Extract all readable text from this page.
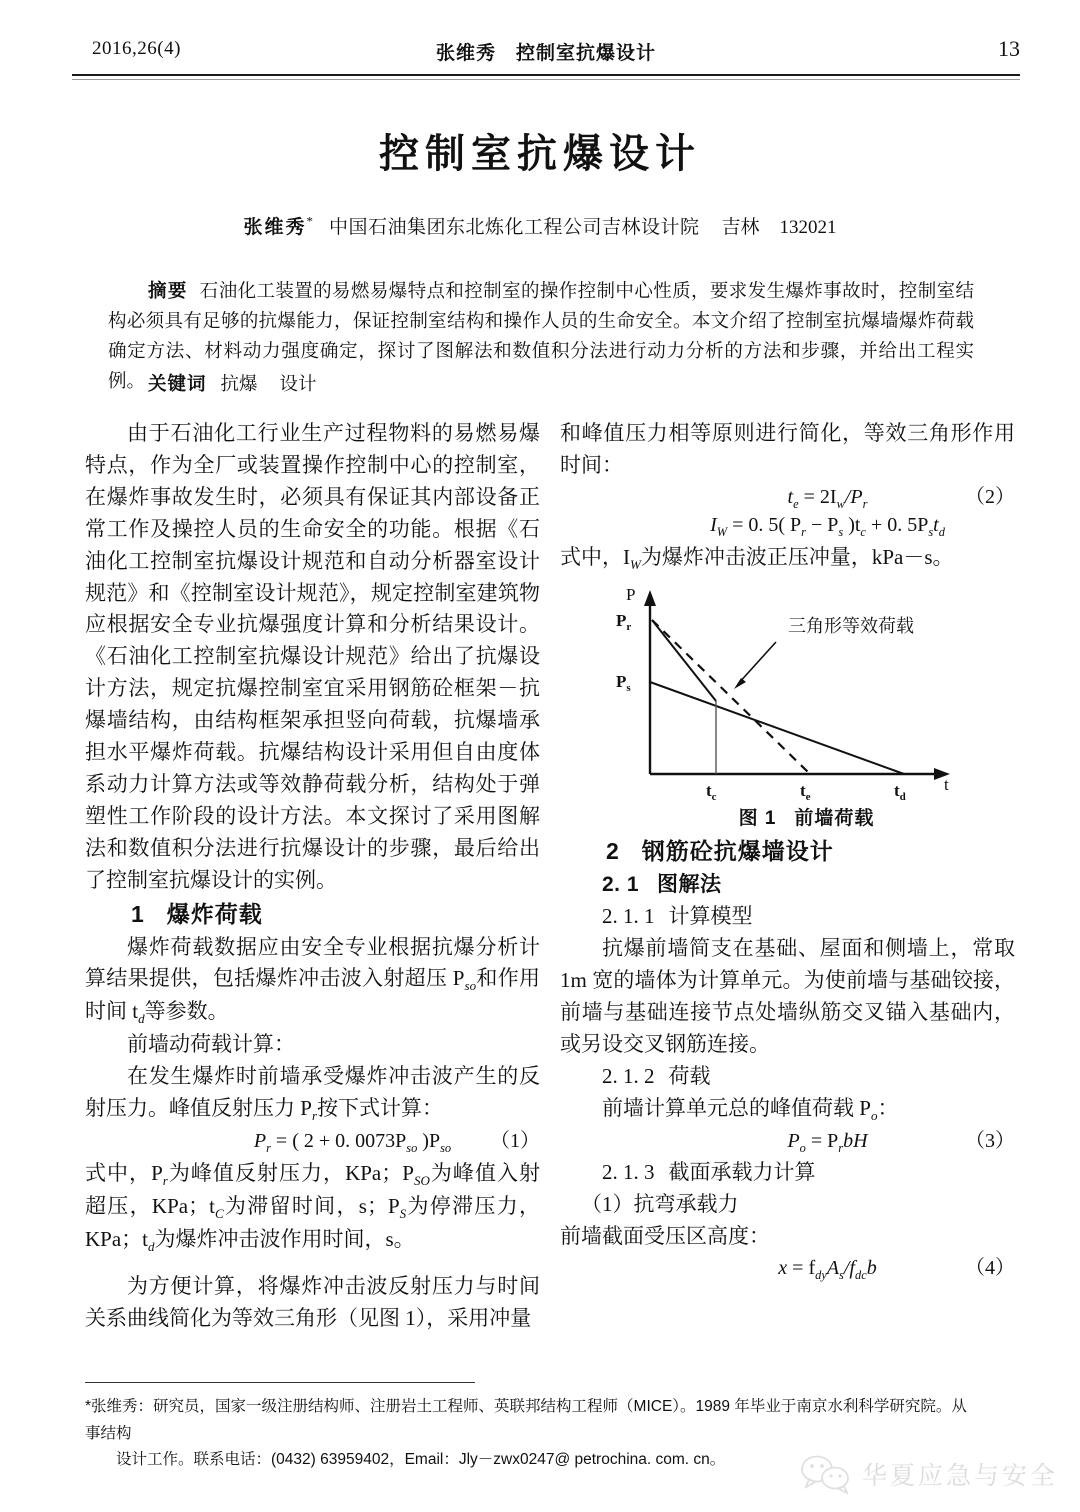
2016,26(4)	张维秀　控制室抗爆设计	13
控制室抗爆设计
张维秀* 中国石油集团东北炼化工程公司吉林设计院 吉林 132021

摘要 石油化工装置的易燃易爆特点和控制室的操作控制中心性质，要求发生爆炸事故时，控制室结构必须具有足够的抗爆能力，保证控制室结构和操作人员的生命安全。本文介绍了控制室抗爆墙爆炸荷载确定方法、材料动力强度确定，探讨了图解法和数值积分法进行动力分析的方法和步骤，并给出工程实例。 关键词 抗爆 设计

由于石油化工行业生产过程物料的易燃易爆特点，作为全厂或装置操作控制中心的控制室，在爆炸事故发生时，必须具有保证其内部设备正常工作及操控人员的生命安全的功能。根据《石油化工控制室抗爆设计规范和自动分析器室设计规范》和《控制室设计规范》，规定控制室建筑物应根据安全专业抗爆强度计算和分析结果设计。《石油化工控制室抗爆设计规范》给出了抗爆设计方法，规定抗爆控制室宜采用钢筋砼框架－抗爆墙结构，由结构框架承担竖向荷载，抗爆墙承担水平爆炸荷载。抗爆结构设计采用但自由度体系动力计算方法或等效静荷载分析，结构处于弹塑性工作阶段的设计方法。本文探讨了采用图解法和数值积分法进行抗爆设计的步骤，最后给出了控制室抗爆设计的实例。

1 爆炸荷载

爆炸荷载数据应由安全专业根据抗爆分析计算结果提供，包括爆炸冲击波入射超压 $P_{so}$和作用时间 $t_d$等参数。

前墙动荷载计算：

在发生爆炸时前墙承受爆炸冲击波产生的反射压力。峰值反射压力 $P_r$按下式计算：

$P_r$ = ( 2 + 0. $0073P_{so}$ )$P_{so}$	（1）

式中，$P_r$为峰值反射压力，KPa；$P_{SO}$为峰值入射超压，KPa；$t_C$为滞留时间，s；$P_S$为停滞压力，KPa；$t_d$为爆炸冲击波作用时间，s。

为方便计算，将爆炸冲击波反射压力与时间关系曲线简化为等效三角形（见图 1），采用冲量

和峰值压力相等原则进行简化，等效三角形作用时间：

$t_e = 2I_w/P_r$	（2）

$I_W = 0$. 5( $P_r - P_s$ )$t_c + 0$. $5P_st_d$

式中，$I_W$为爆炸冲击波正压冲量，kPa－s。

P
t
$P_r$
$P_s$
$t_c$	$t_e$	$t_d$
三角形等效荷载

图 1 前墙荷载

2 钢筋砼抗爆墙设计

2. 1 图解法

2. 1. 1 计算模型

抗爆前墙简支在基础、屋面和侧墙上，常取 1m 宽的墙体为计算单元。为使前墙与基础铰接，前墙与基础连接节点处墙纵筋交叉锚入基础内，或另设交叉钢筋连接。

2. 1. 2 荷载

前墙计算单元总的峰值荷载 $P_o$：

$P_o = P_rbH$	（3）

2. 1. 3 截面承载力计算

（1）抗弯承载力

前墙截面受压区高度：

$x = f_{dy}A_s/f_{dc}b$	（4）

*张维秀：研究员，国家一级注册结构师、注册岩土工程师、英联邦结构工程师（MICE）。1989 年毕业于南京水利科学研究院。从事结构

设计工作。联系电话：(0432) 63959402，Email：Jly－zwx0247@ petrochina. com. cn。

华夏应急与安全
